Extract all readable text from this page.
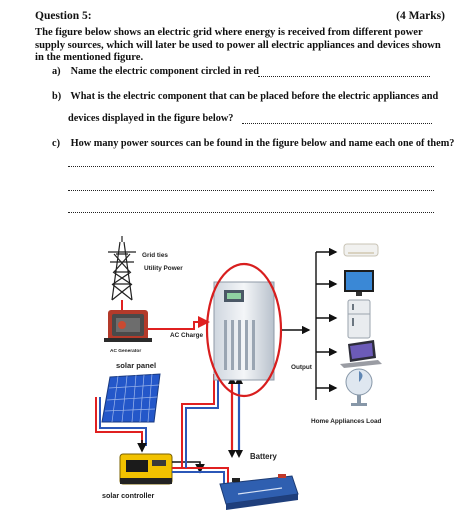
Question 5:	(4 Marks)
The figure below shows an electric grid where energy is received from different power supply sources, which will later be used to power all electric appliances and devices shown in the mentioned figure.
a) Name the electric component circled in red
b) What is the electric component that can be placed before the electric appliances and
devices displayed in the figure below?
c) How many power sources can be found in the figure below and name each one of them?
Grid ties
Utility Power
AC Generator
AC Charge
solar panel	Output
Battery
solar controller
Home Appliances Load
